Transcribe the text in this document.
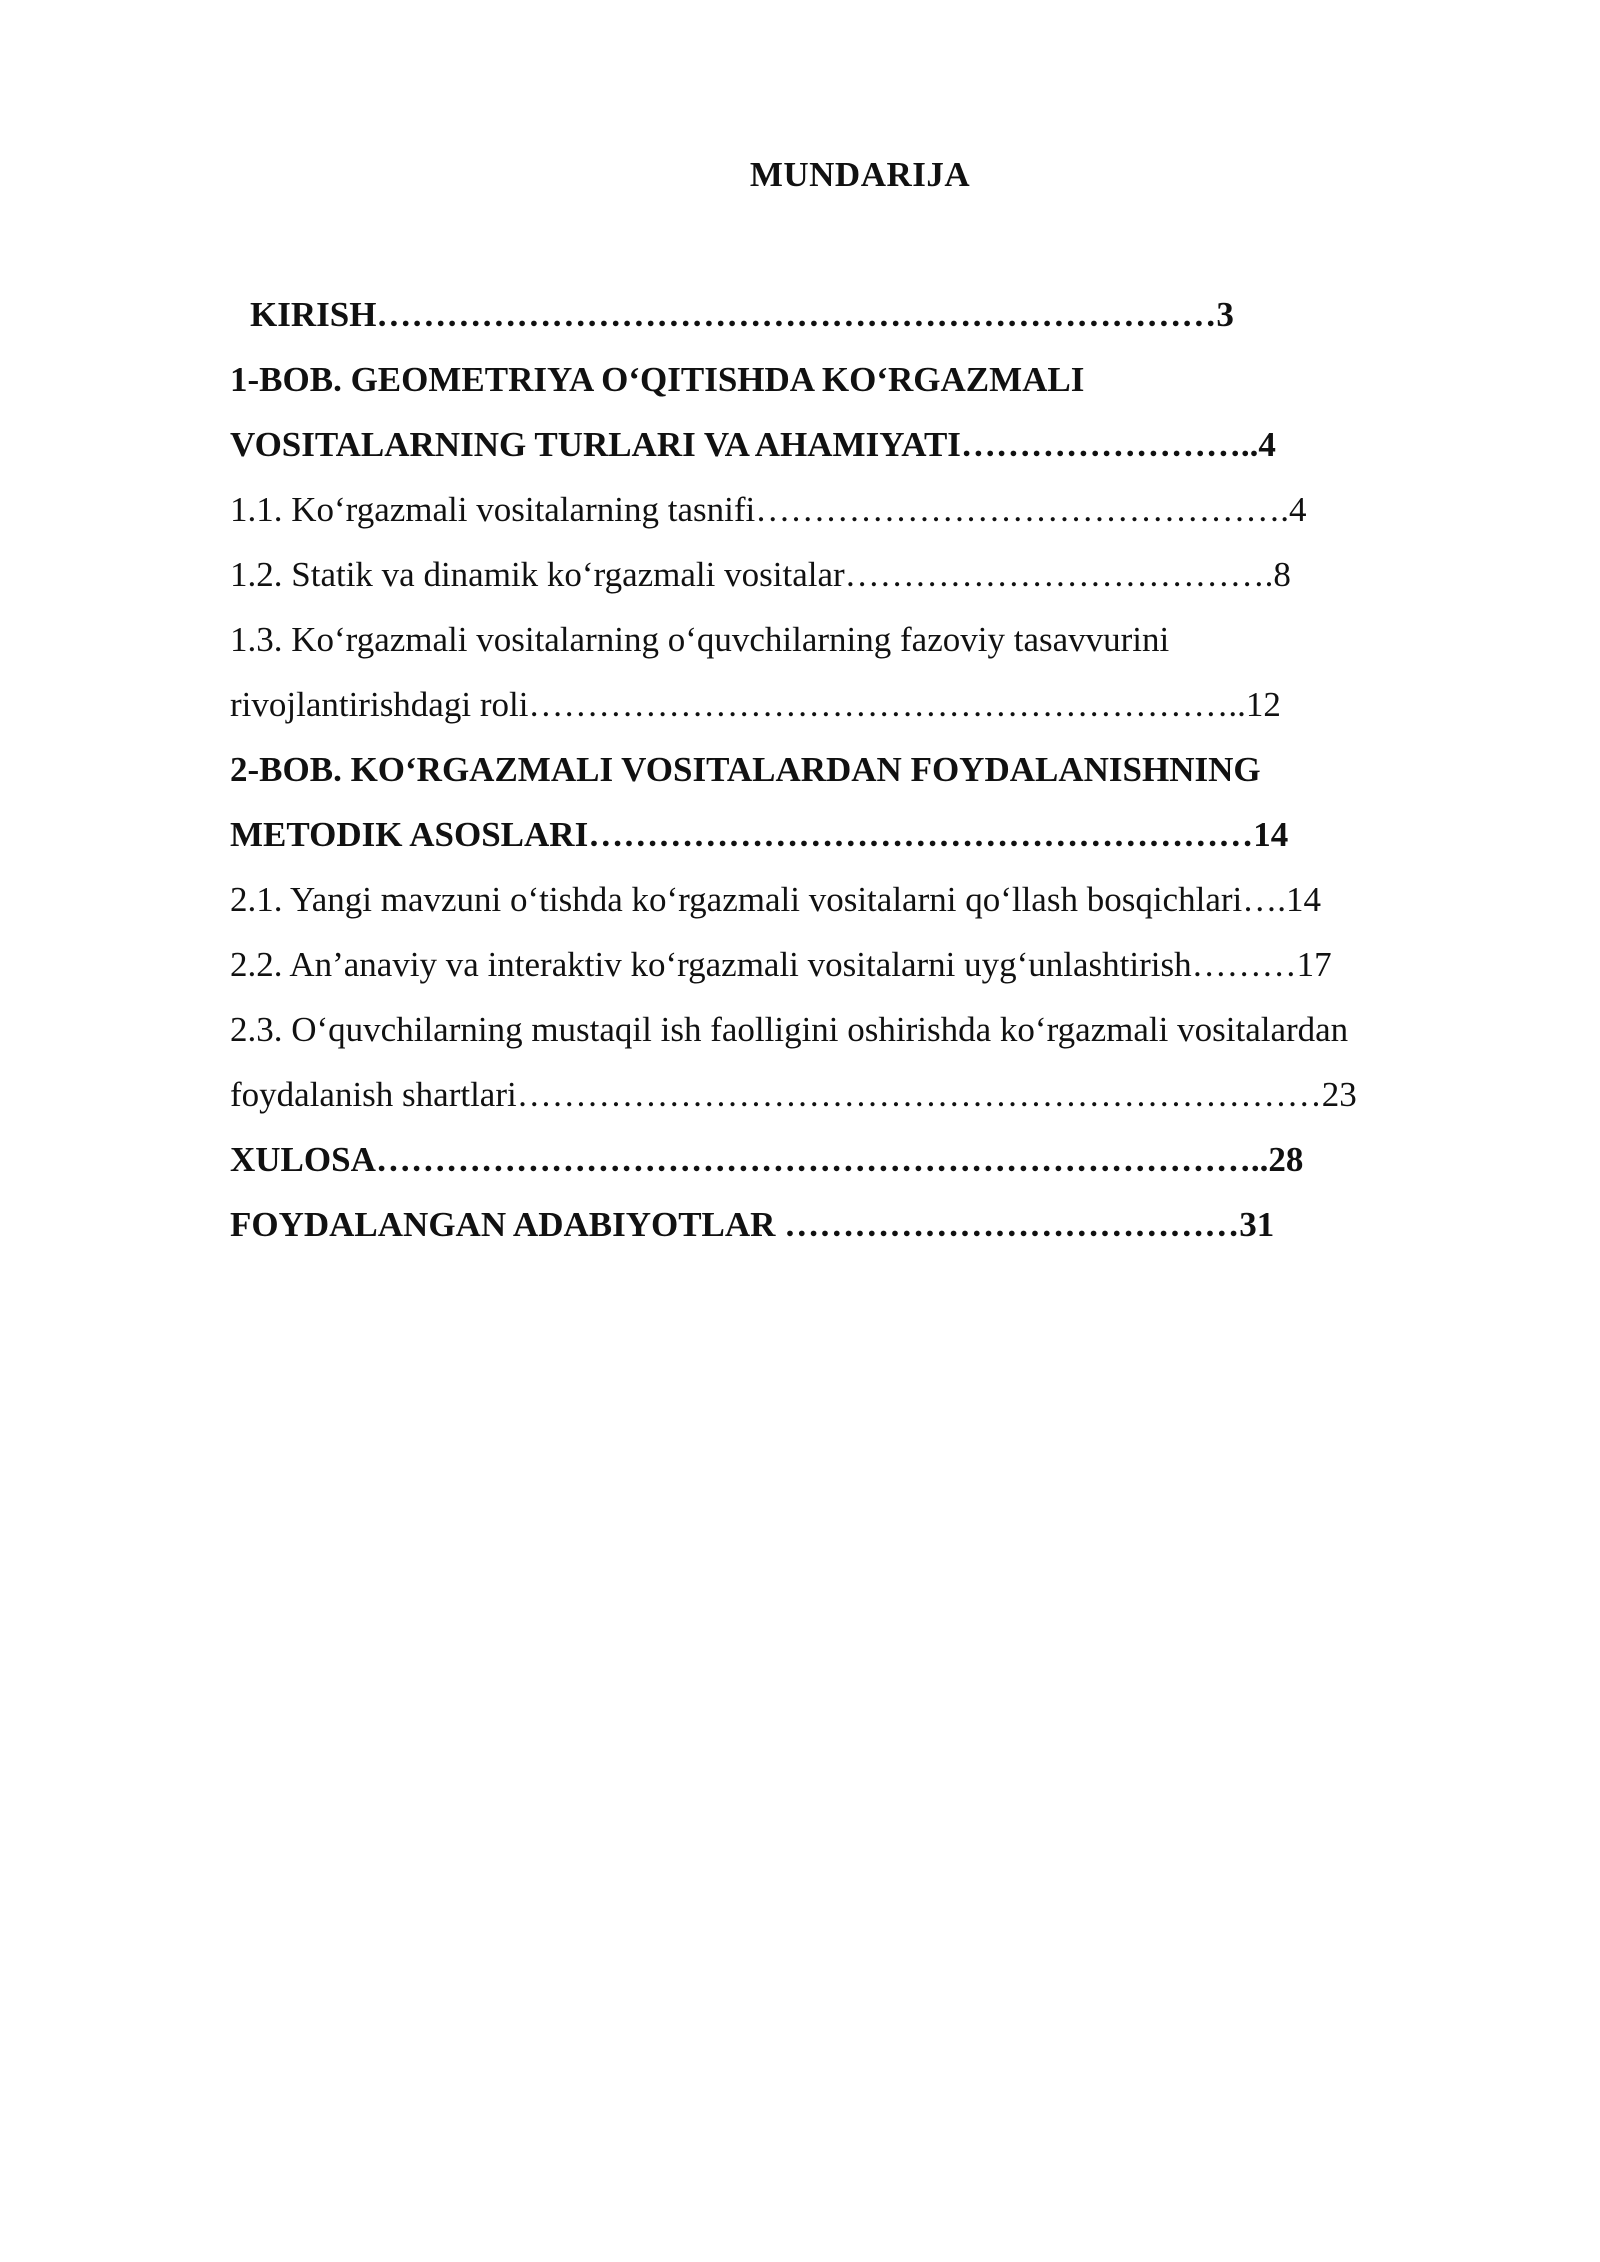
MUNDARIJA
KIRISH………………………………………………………………3
1-BOB. GEOMETRIYA O‘QITISHDA KO‘RGAZMALI
VOSITALARNING TURLARI VA AHAMIYATI……………………..4
1.1. Ko‘rgazmali vositalarning tasnifi……………………………………….4
1.2. Statik va dinamik ko‘rgazmali vositalar……………………………….8
1.3. Ko‘rgazmali vositalarning o‘quvchilarning fazoviy tasavvurini
rivojlantirishdagi roli……………………………………………………..12
2-BOB. KO‘RGAZMALI VOSITALARDAN FOYDALANISHNING
METODIK ASOSLARI…………………………………………………14
2.1. Yangi mavzuni o‘tishda ko‘rgazmali vositalarni qo‘llash bosqichlari….14
2.2. An’anaviy va interaktiv ko‘rgazmali vositalarni uyg‘unlashtirish………17
2.3. O‘quvchilarning mustaqil ish faolligini oshirishda ko‘rgazmali vositalardan
foydalanish shartlari……………………………………………………………23
XULOSA…………………………………………………………………..28
FOYDALANGAN ADABIYOTLAR …………………………………31
